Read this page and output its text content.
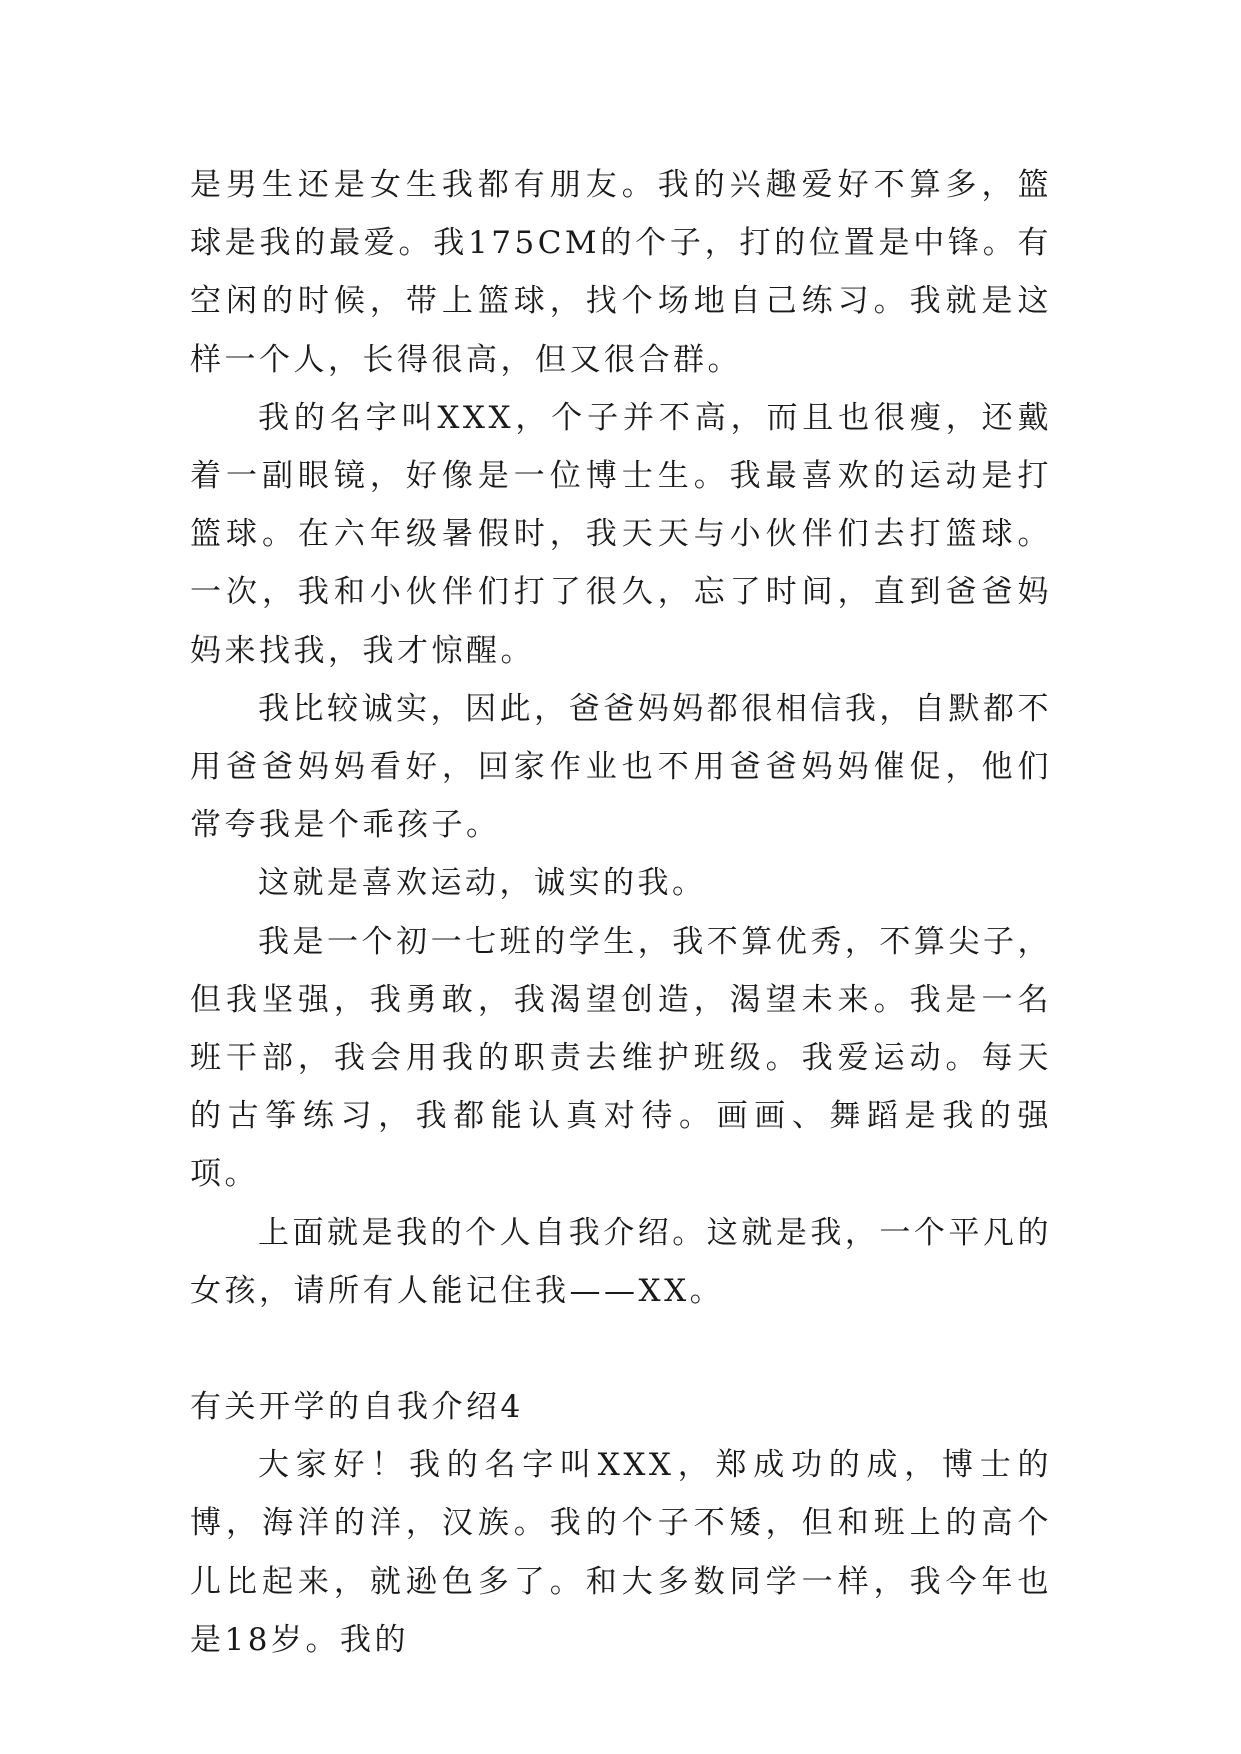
是男生还是女生我都有朋友。我的兴趣爱好不算多，篮球是我的最爱。我175CM的个子，打的位置是中锋。有空闲的时候，带上篮球，找个场地自己练习。我就是这样一个人，长得很高，但又很合群。

我的名字叫XXX，个子并不高，而且也很瘦，还戴着一副眼镜，好像是一位博士生。我最喜欢的运动是打篮球。在六年级暑假时，我天天与小伙伴们去打篮球。一次，我和小伙伴们打了很久，忘了时间，直到爸爸妈妈来找我，我才惊醒。

我比较诚实，因此，爸爸妈妈都很相信我，自默都不用爸爸妈妈看好，回家作业也不用爸爸妈妈催促，他们常夸我是个乖孩子。

这就是喜欢运动，诚实的我。

我是一个初一七班的学生，我不算优秀，不算尖子，但我坚强，我勇敢，我渴望创造，渴望未来。我是一名班干部，我会用我的职责去维护班级。我爱运动。每天的古筝练习，我都能认真对待。画画、舞蹈是我的强项。

上面就是我的个人自我介绍。这就是我，一个平凡的女孩，请所有人能记住我——XX。

有关开学的自我介绍4

大家好！我的名字叫XXX，郑成功的成，博士的博，海洋的洋，汉族。我的个子不矮，但和班上的高个儿比起来，就逊色多了。和大多数同学一样，我今年也是18岁。我的
